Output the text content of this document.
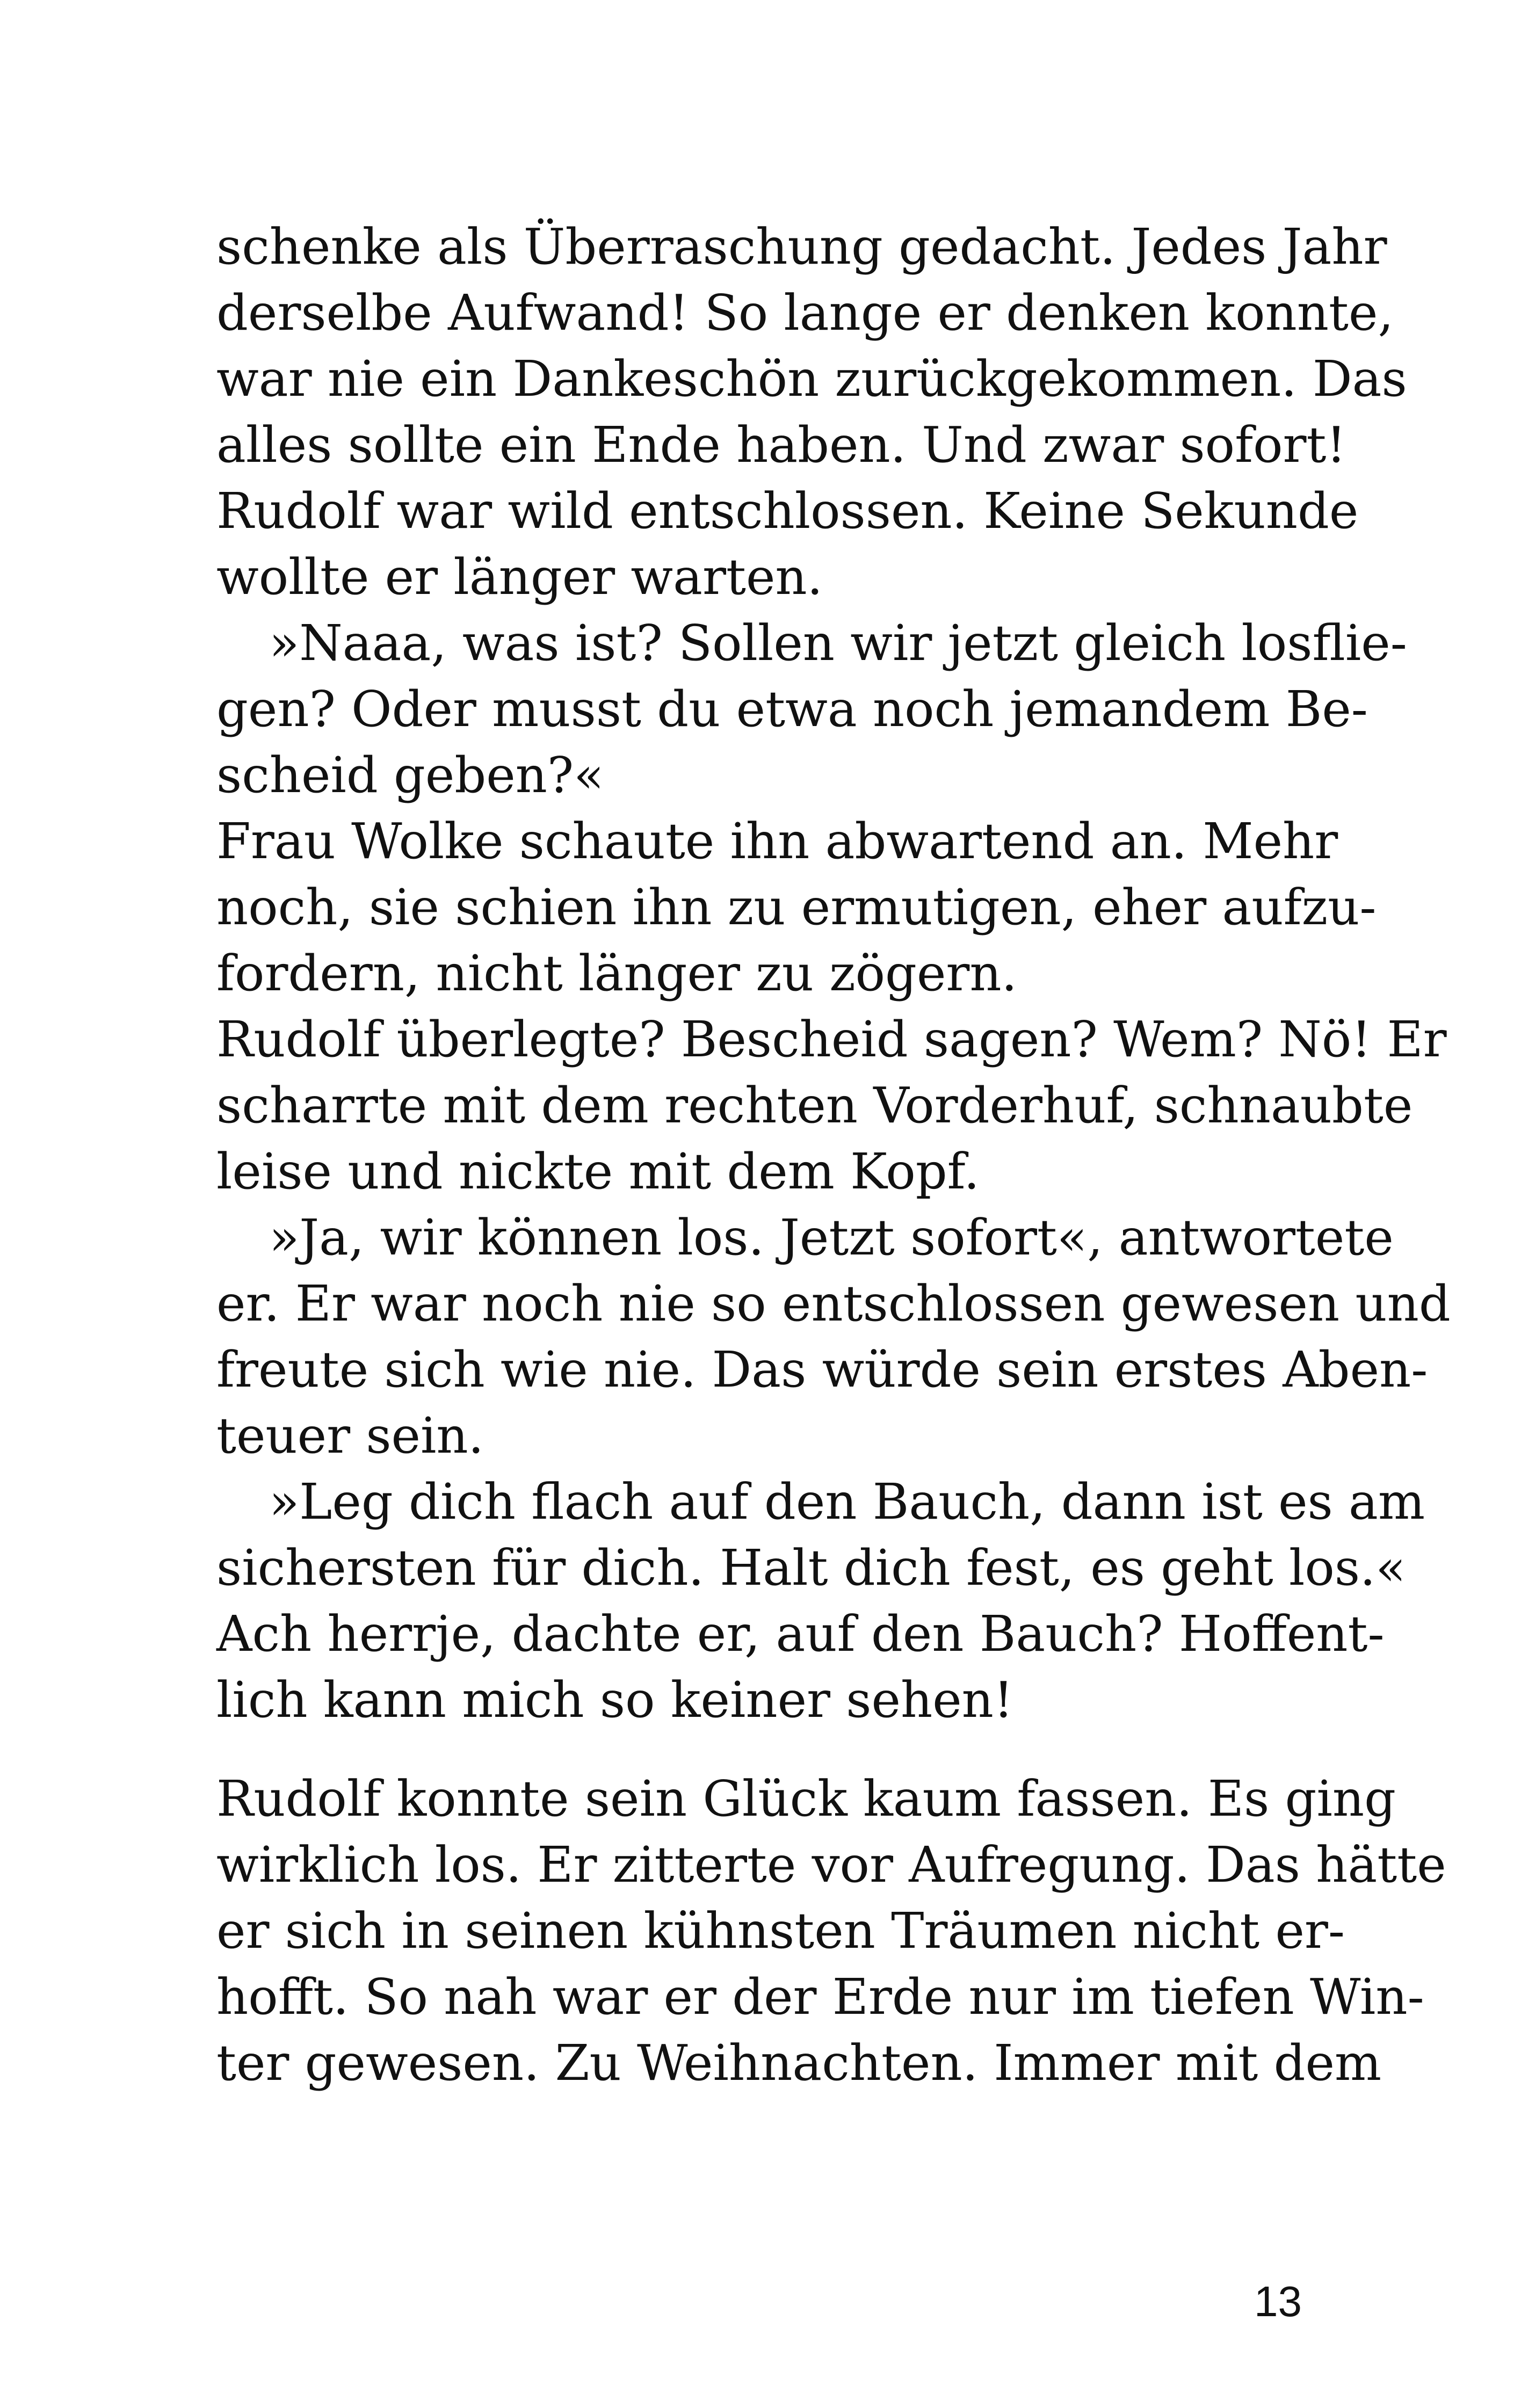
schenke als Überraschung gedacht. Jedes Jahr
derselbe Aufwand! So lange er denken konnte,
war nie ein Dankeschön zurückgekommen. Das
alles sollte ein Ende haben. Und zwar sofort!
Rudolf war wild entschlossen. Keine Sekunde
wollte er länger warten.
»Naaa, was ist? Sollen wir jetzt gleich losflie-
gen? Oder musst du etwa noch jemandem Be-
scheid geben?«
Frau Wolke schaute ihn abwartend an. Mehr
noch, sie schien ihn zu ermutigen, eher aufzu-
fordern, nicht länger zu zögern.
Rudolf überlegte? Bescheid sagen? Wem? Nö! Er
scharrte mit dem rechten Vorderhuf, schnaubte
leise und nickte mit dem Kopf.
»Ja, wir können los. Jetzt sofort«, antwortete
er. Er war noch nie so entschlossen gewesen und
freute sich wie nie. Das würde sein erstes Aben-
teuer sein.
»Leg dich flach auf den Bauch, dann ist es am
sichersten für dich. Halt dich fest, es geht los.«
Ach herrje, dachte er, auf den Bauch? Hoffent-
lich kann mich so keiner sehen!
Rudolf konnte sein Glück kaum fassen. Es ging
wirklich los. Er zitterte vor Aufregung. Das hätte
er sich in seinen kühnsten Träumen nicht er-
hofft. So nah war er der Erde nur im tiefen Win-
ter gewesen. Zu Weihnachten. Immer mit dem
13
